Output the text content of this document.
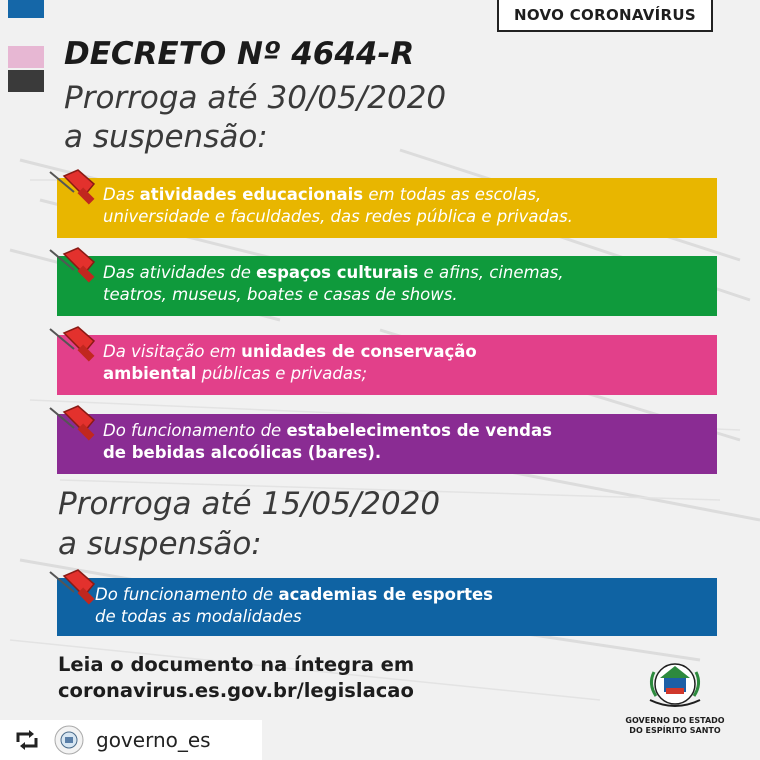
NOVO CORONAVÍRUS
DECRETO Nº 4644-R
Prorroga até 30/05/2020
a suspensão:
Das atividades educacionais em todas as escolas,
universidade e faculdades, das redes pública e privadas.
Das atividades de espaços culturais e afins, cinemas,
teatros, museus, boates e casas de shows.
Da visitação em unidades de conservação
ambiental públicas e privadas;
Do funcionamento de estabelecimentos de vendas
de bebidas alcoólicas (bares).
Prorroga até 15/05/2020
a suspensão:
Do funcionamento de academias de esportes
de todas as modalidades
Leia o documento na íntegra em
coronavirus.es.gov.br/legislacao
GOVERNO DO ESTADO
DO ESPÍRITO SANTO
governo_es
